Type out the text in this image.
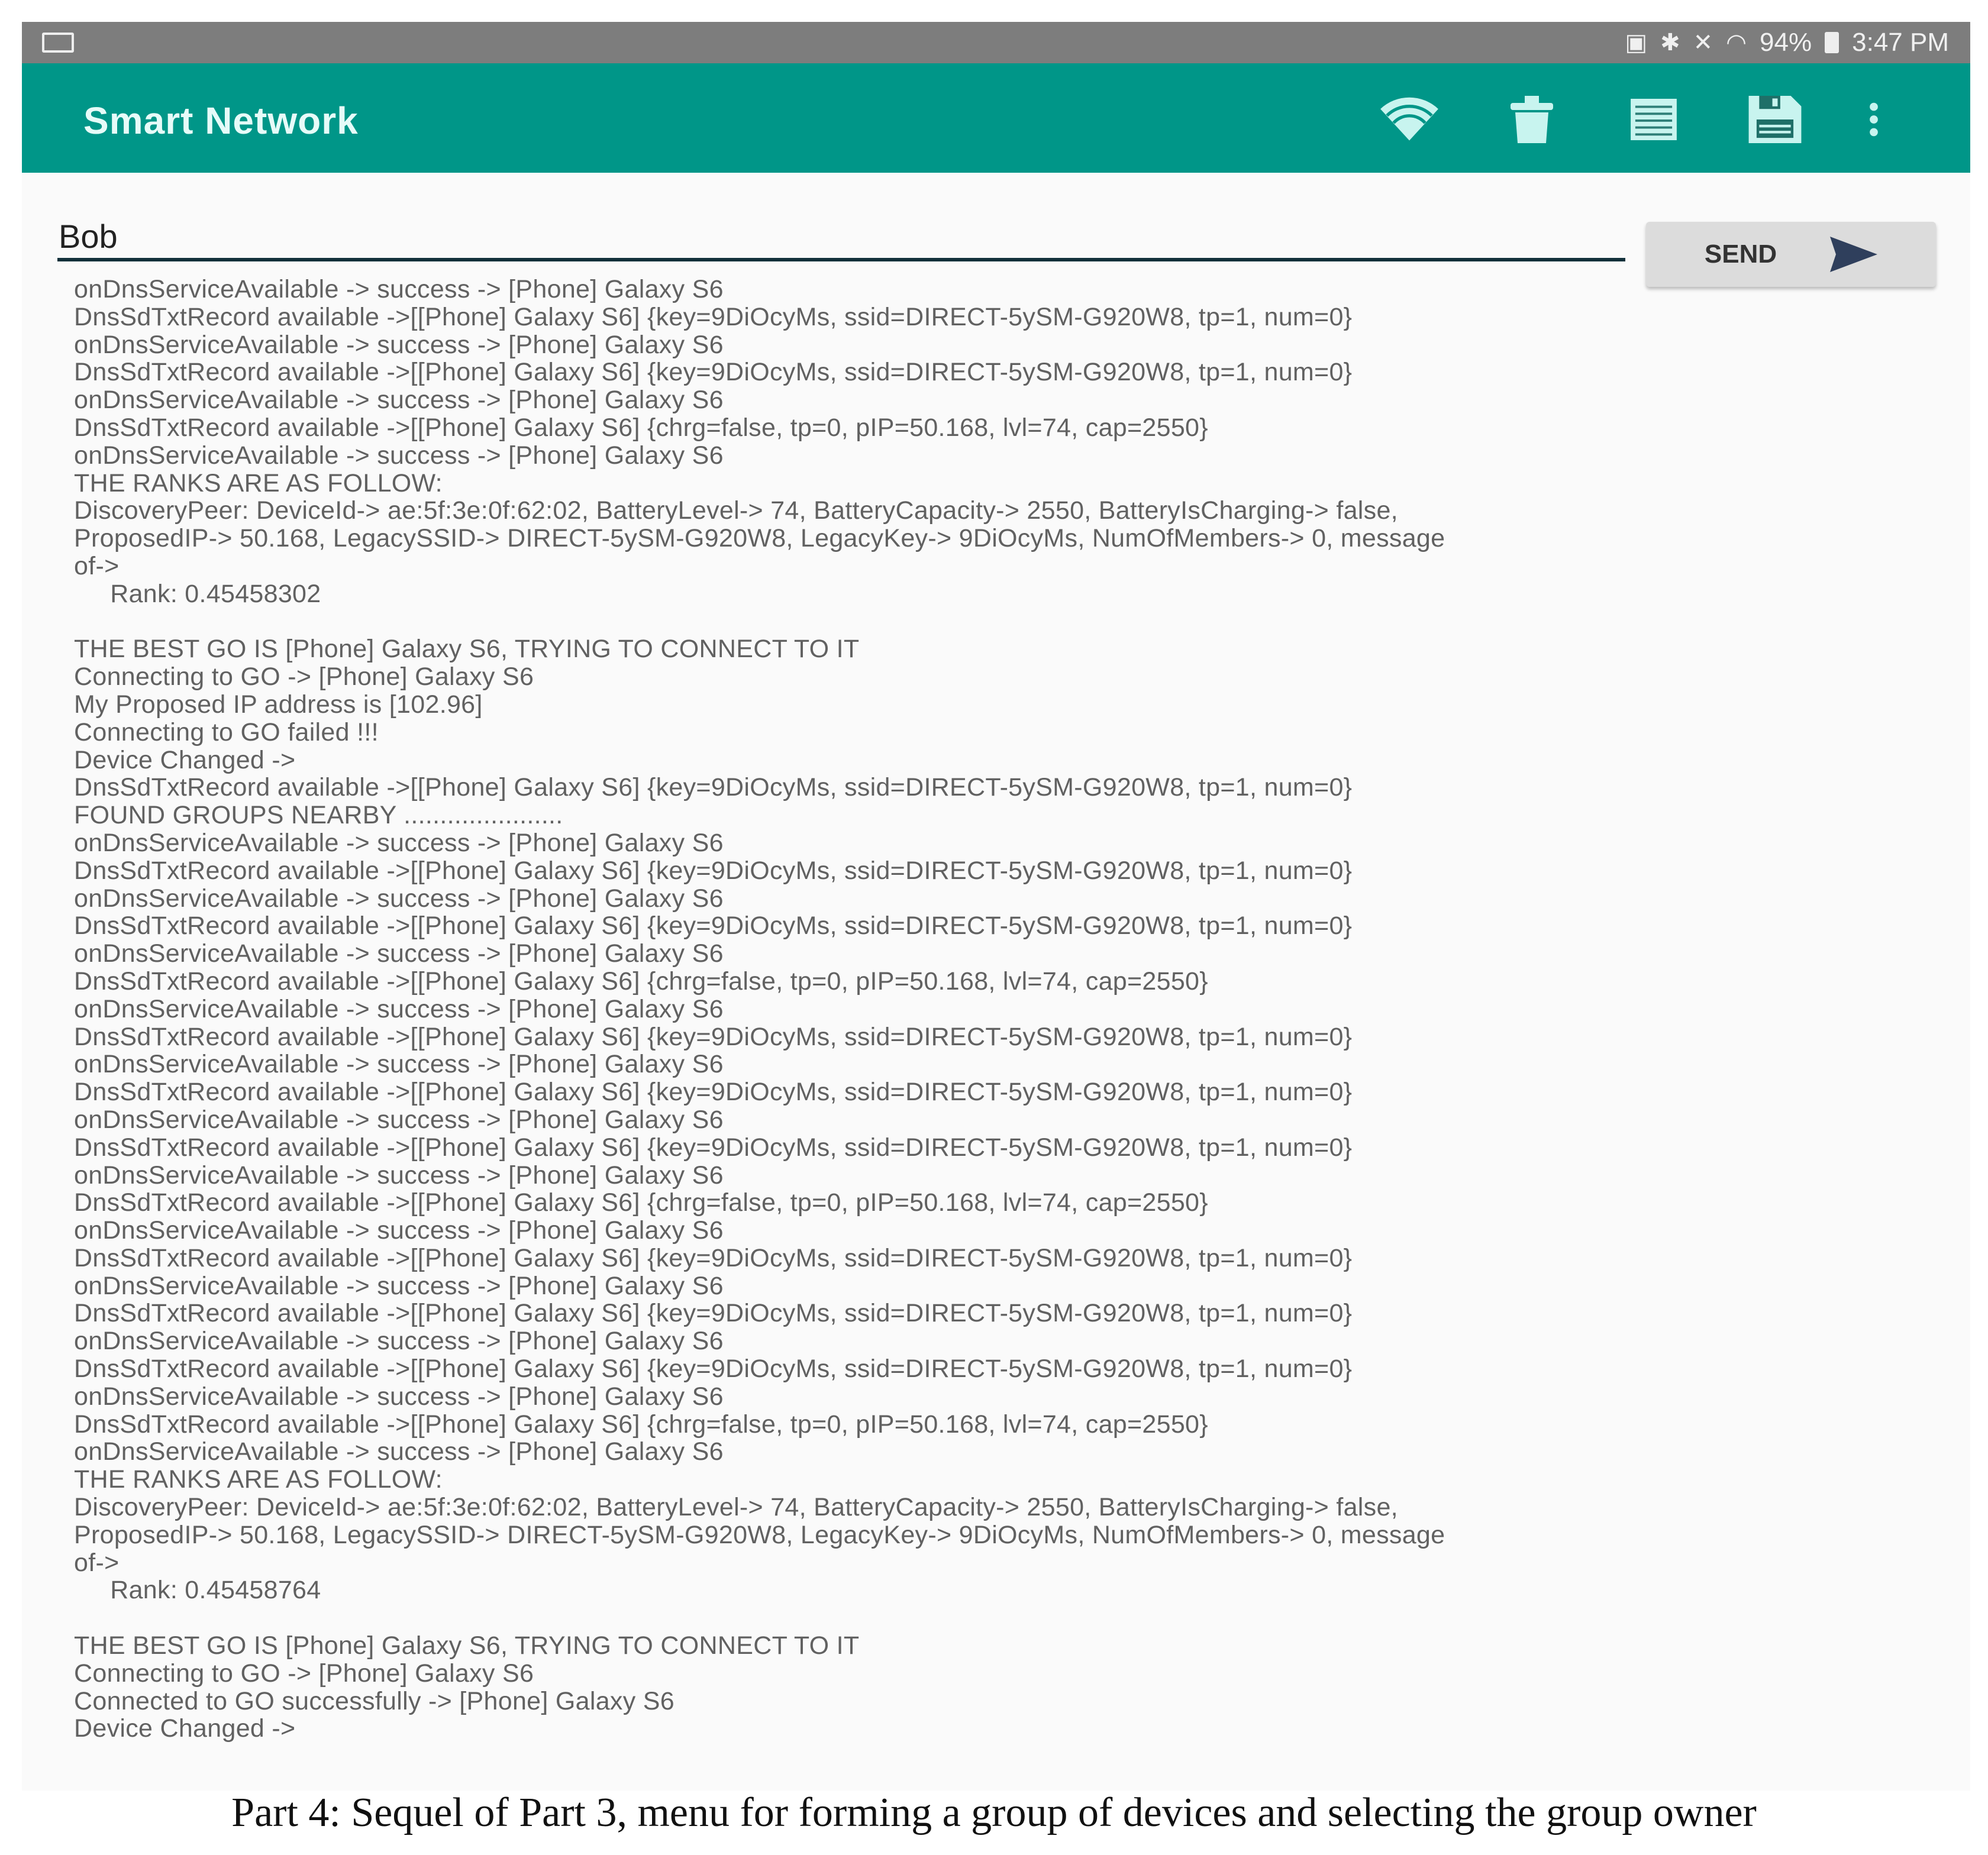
▣ ✱ ✕ ◠ 94% 3:47 PM
Smart Network
Bob
SEND
onDnsServiceAvailable -> success -> [Phone] Galaxy S6
DnsSdTxtRecord available ->[[Phone] Galaxy S6] {key=9DiOcyMs, ssid=DIRECT-5ySM-G920W8, tp=1, num=0}
onDnsServiceAvailable -> success -> [Phone] Galaxy S6
DnsSdTxtRecord available ->[[Phone] Galaxy S6] {key=9DiOcyMs, ssid=DIRECT-5ySM-G920W8, tp=1, num=0}
onDnsServiceAvailable -> success -> [Phone] Galaxy S6
DnsSdTxtRecord available ->[[Phone] Galaxy S6] {chrg=false, tp=0, pIP=50.168, lvl=74, cap=2550}
onDnsServiceAvailable -> success -> [Phone] Galaxy S6
THE RANKS ARE AS FOLLOW:
DiscoveryPeer: DeviceId-> ae:5f:3e:0f:62:02, BatteryLevel-> 74, BatteryCapacity-> 2550, BatteryIsCharging-> false,
ProposedIP-> 50.168, LegacySSID-> DIRECT-5ySM-G920W8, LegacyKey-> 9DiOcyMs, NumOfMembers-> 0, message
of->
Rank: 0.45458302
THE BEST GO IS [Phone] Galaxy S6, TRYING TO CONNECT TO IT
Connecting to GO -> [Phone] Galaxy S6
My Proposed IP address is [102.96]
Connecting to GO failed !!!
Device Changed ->
DnsSdTxtRecord available ->[[Phone] Galaxy S6] {key=9DiOcyMs, ssid=DIRECT-5ySM-G920W8, tp=1, num=0}
FOUND GROUPS NEARBY ......................
onDnsServiceAvailable -> success -> [Phone] Galaxy S6
DnsSdTxtRecord available ->[[Phone] Galaxy S6] {key=9DiOcyMs, ssid=DIRECT-5ySM-G920W8, tp=1, num=0}
onDnsServiceAvailable -> success -> [Phone] Galaxy S6
DnsSdTxtRecord available ->[[Phone] Galaxy S6] {key=9DiOcyMs, ssid=DIRECT-5ySM-G920W8, tp=1, num=0}
onDnsServiceAvailable -> success -> [Phone] Galaxy S6
DnsSdTxtRecord available ->[[Phone] Galaxy S6] {chrg=false, tp=0, pIP=50.168, lvl=74, cap=2550}
onDnsServiceAvailable -> success -> [Phone] Galaxy S6
DnsSdTxtRecord available ->[[Phone] Galaxy S6] {key=9DiOcyMs, ssid=DIRECT-5ySM-G920W8, tp=1, num=0}
onDnsServiceAvailable -> success -> [Phone] Galaxy S6
DnsSdTxtRecord available ->[[Phone] Galaxy S6] {key=9DiOcyMs, ssid=DIRECT-5ySM-G920W8, tp=1, num=0}
onDnsServiceAvailable -> success -> [Phone] Galaxy S6
DnsSdTxtRecord available ->[[Phone] Galaxy S6] {key=9DiOcyMs, ssid=DIRECT-5ySM-G920W8, tp=1, num=0}
onDnsServiceAvailable -> success -> [Phone] Galaxy S6
DnsSdTxtRecord available ->[[Phone] Galaxy S6] {chrg=false, tp=0, pIP=50.168, lvl=74, cap=2550}
onDnsServiceAvailable -> success -> [Phone] Galaxy S6
DnsSdTxtRecord available ->[[Phone] Galaxy S6] {key=9DiOcyMs, ssid=DIRECT-5ySM-G920W8, tp=1, num=0}
onDnsServiceAvailable -> success -> [Phone] Galaxy S6
DnsSdTxtRecord available ->[[Phone] Galaxy S6] {key=9DiOcyMs, ssid=DIRECT-5ySM-G920W8, tp=1, num=0}
onDnsServiceAvailable -> success -> [Phone] Galaxy S6
DnsSdTxtRecord available ->[[Phone] Galaxy S6] {key=9DiOcyMs, ssid=DIRECT-5ySM-G920W8, tp=1, num=0}
onDnsServiceAvailable -> success -> [Phone] Galaxy S6
DnsSdTxtRecord available ->[[Phone] Galaxy S6] {chrg=false, tp=0, pIP=50.168, lvl=74, cap=2550}
onDnsServiceAvailable -> success -> [Phone] Galaxy S6
THE RANKS ARE AS FOLLOW:
DiscoveryPeer: DeviceId-> ae:5f:3e:0f:62:02, BatteryLevel-> 74, BatteryCapacity-> 2550, BatteryIsCharging-> false,
ProposedIP-> 50.168, LegacySSID-> DIRECT-5ySM-G920W8, LegacyKey-> 9DiOcyMs, NumOfMembers-> 0, message
of->
Rank: 0.45458764
THE BEST GO IS [Phone] Galaxy S6, TRYING TO CONNECT TO IT
Connecting to GO -> [Phone] Galaxy S6
Connected to GO successfully -> [Phone] Galaxy S6
Device Changed ->
Part 4: Sequel of Part 3, menu for forming a group of devices and selecting the group owner
